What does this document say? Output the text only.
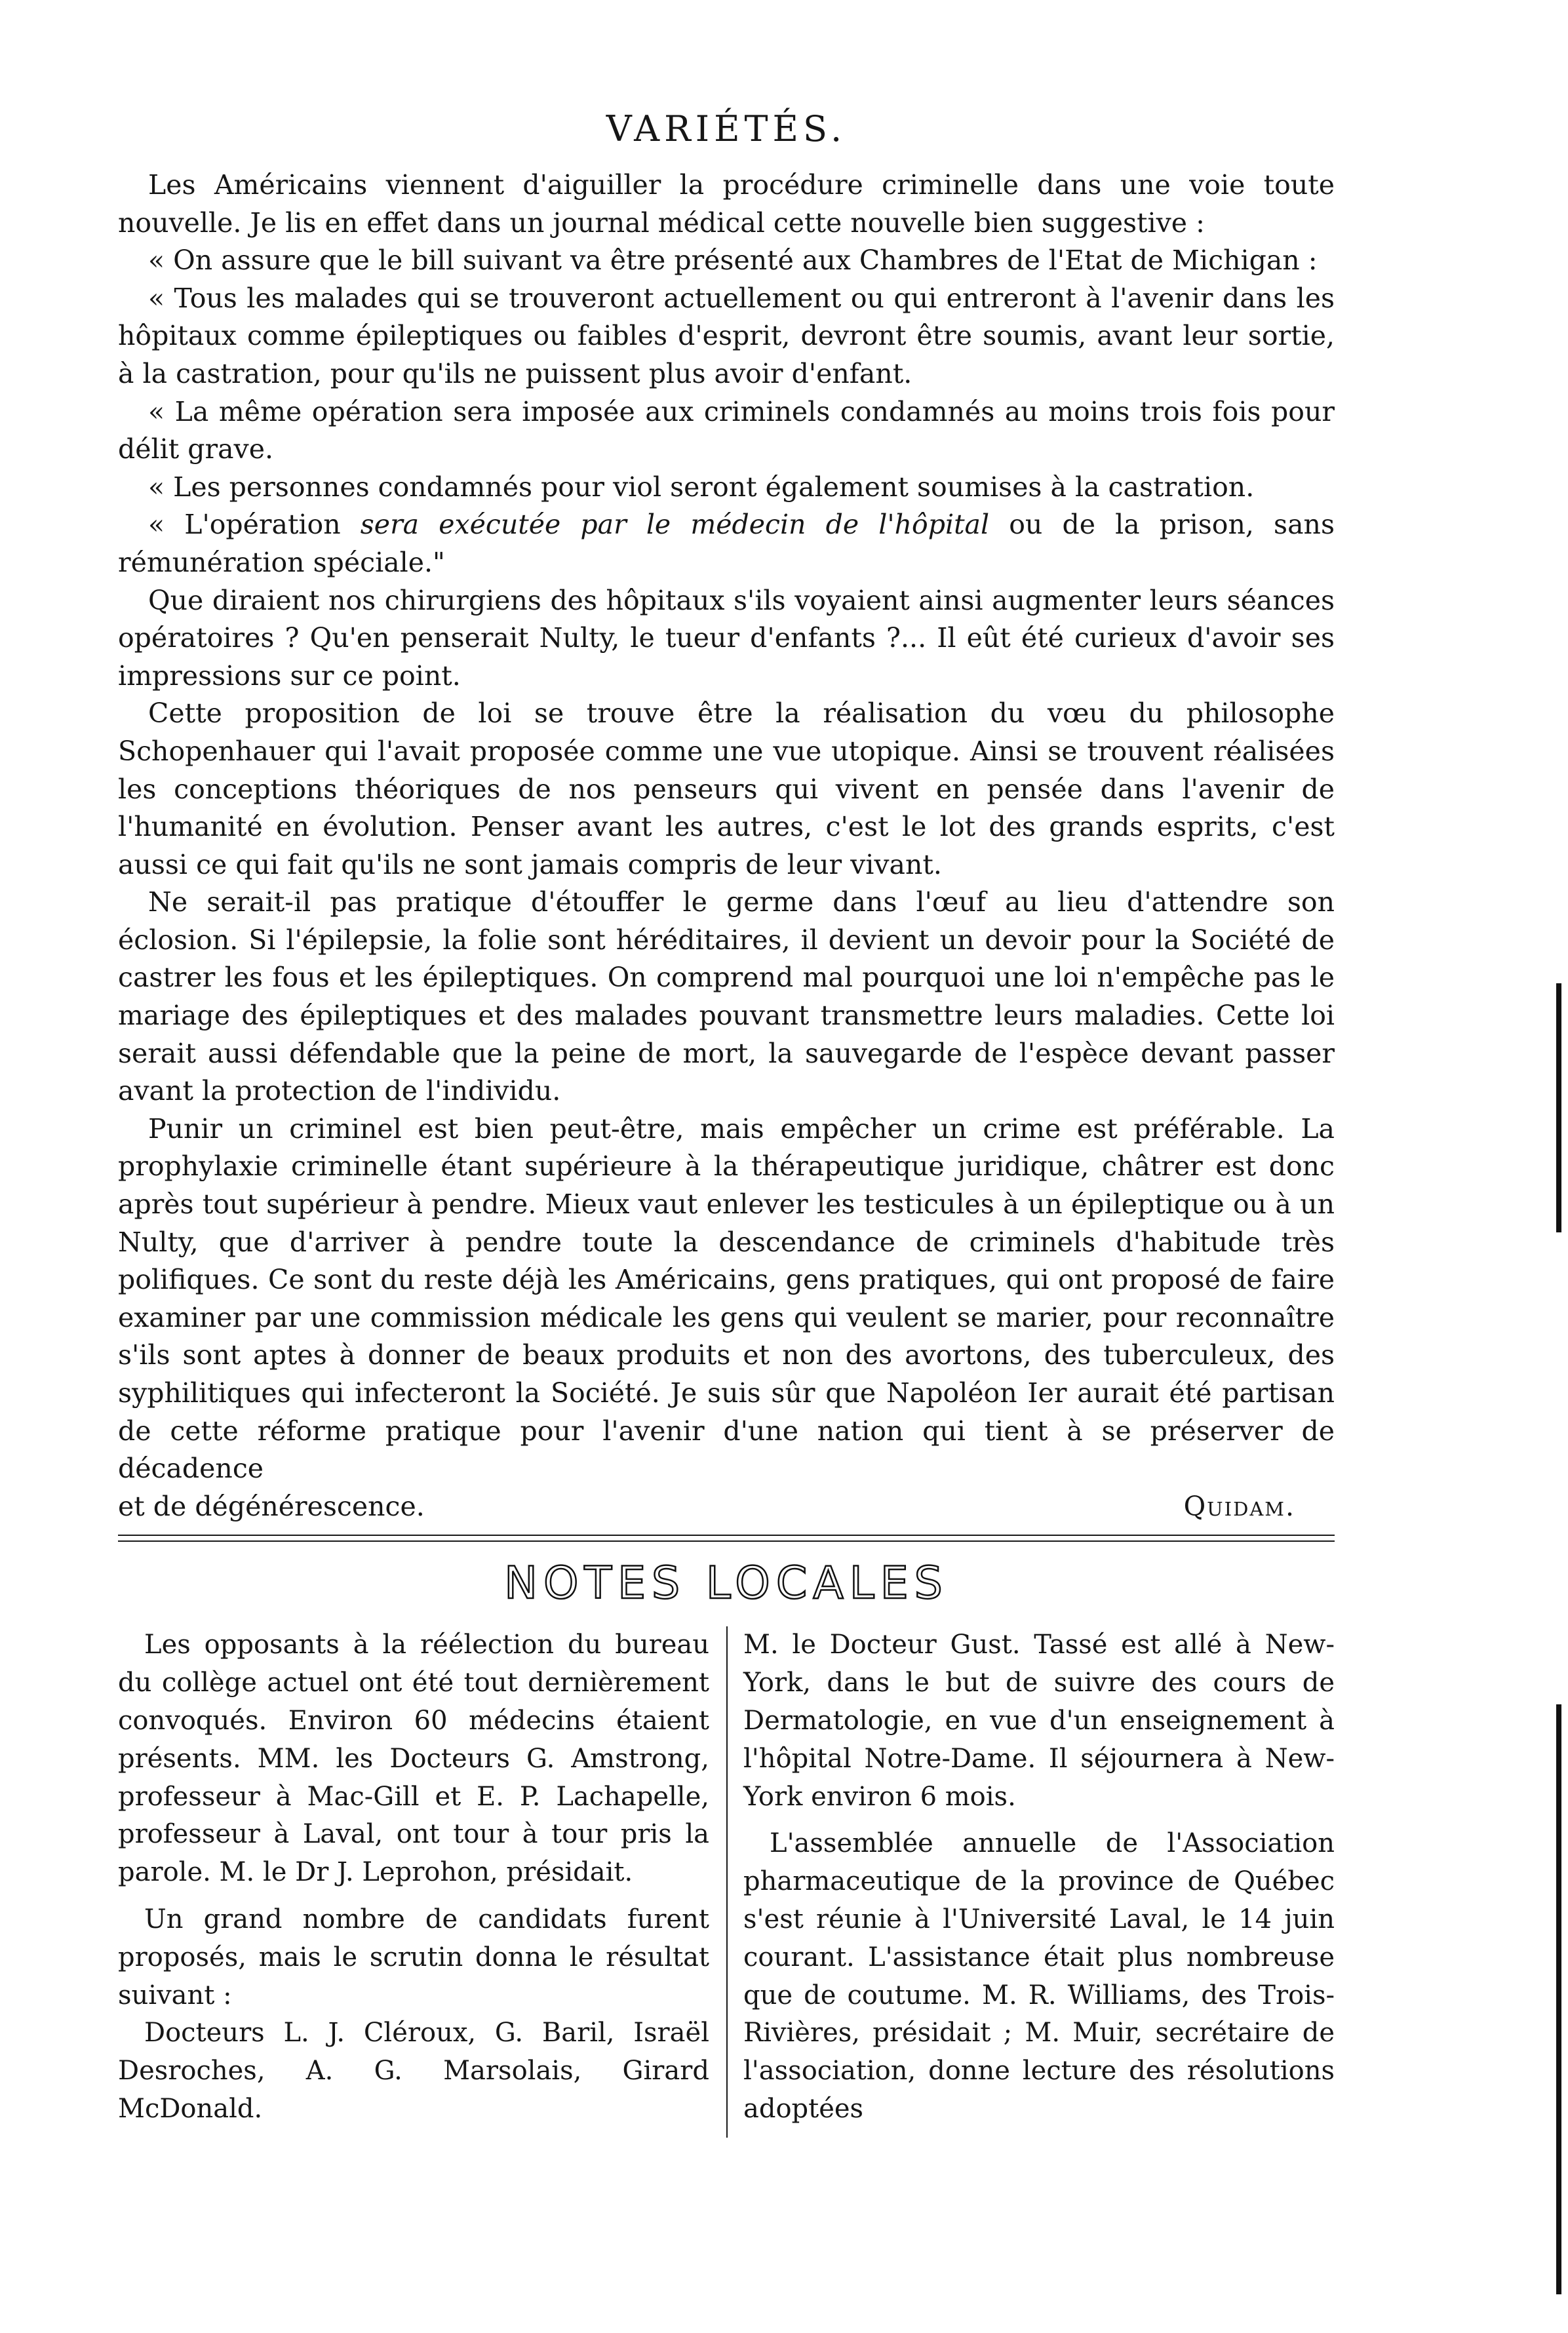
VARIÉTÉS.

Les Américains viennent d'aiguiller la procédure criminelle dans une voie toute nouvelle. Je lis en effet dans un journal médical cette nouvelle bien suggestive :

« On assure que le bill suivant va être présenté aux Chambres de l'Etat de Michigan :

« Tous les malades qui se trouveront actuellement ou qui entreront à l'avenir dans les hôpitaux comme épileptiques ou faibles d'esprit, devront être soumis, avant leur sortie, à la castration, pour qu'ils ne puissent plus avoir d'enfant.

« La même opération sera imposée aux criminels condamnés au moins trois fois pour délit grave.

« Les personnes condamnés pour viol seront également soumises à la castration.

« L'opération sera exécutée par le médecin de l'hôpital ou de la prison, sans rémunération spéciale."

Que diraient nos chirurgiens des hôpitaux s'ils voyaient ainsi augmenter leurs séances opératoires ? Qu'en penserait Nulty, le tueur d'enfants ?... Il eût été curieux d'avoir ses impressions sur ce point.

Cette proposition de loi se trouve être la réalisation du vœu du philosophe Schopenhauer qui l'avait proposée comme une vue utopique. Ainsi se trouvent réalisées les conceptions théoriques de nos penseurs qui vivent en pensée dans l'avenir de l'humanité en évolution. Penser avant les autres, c'est le lot des grands esprits, c'est aussi ce qui fait qu'ils ne sont jamais compris de leur vivant.

Ne serait-il pas pratique d'étouffer le germe dans l'œuf au lieu d'attendre son éclosion. Si l'épilepsie, la folie sont héréditaires, il devient un devoir pour la Société de castrer les fous et les épileptiques. On comprend mal pourquoi une loi n'empêche pas le mariage des épileptiques et des malades pouvant transmettre leurs maladies. Cette loi serait aussi défendable que la peine de mort, la sauvegarde de l'espèce devant passer avant la protection de l'individu.

Punir un criminel est bien peut-être, mais empêcher un crime est préférable. La prophylaxie criminelle étant supérieure à la thérapeutique juridique, châtrer est donc après tout supérieur à pendre. Mieux vaut enlever les testicules à un épileptique ou à un Nulty, que d'arriver à pendre toute la descendance de criminels d'habitude très polifiques. Ce sont du reste déjà les Américains, gens pratiques, qui ont proposé de faire examiner par une commission médicale les gens qui veulent se marier, pour reconnaître s'ils sont aptes à donner de beaux produits et non des avortons, des tuberculeux, des syphilitiques qui infecteront la Société. Je suis sûr que Napoléon Ier aurait été partisan de cette réforme pratique pour l'avenir d'une nation qui tient à se préserver de décadence

et de dégénérescence.	Quidam.
NOTES LOCALES

Les opposants à la réélection du bureau du collège actuel ont été tout dernièrement convoqués. Environ 60 médecins étaient présents. MM. les Docteurs G. Amstrong, professeur à Mac-Gill et E. P. Lachapelle, professeur à Laval, ont tour à tour pris la parole. M. le Dr J. Leprohon, présidait.

Un grand nombre de candidats furent proposés, mais le scrutin donna le résultat suivant :

Docteurs L. J. Cléroux, G. Baril, Israël Desroches, A. G. Marsolais, Girard McDonald.

M. le Docteur Gust. Tassé est allé à New-York, dans le but de suivre des cours de Dermatologie, en vue d'un enseignement à l'hôpital Notre-Dame. Il séjournera à New-York environ 6 mois.

L'assemblée annuelle de l'Association pharmaceutique de la province de Québec s'est réunie à l'Université Laval, le 14 juin courant. L'assistance était plus nombreuse que de coutume. M. R. Williams, des Trois-Rivières, présidait ; M. Muir, secrétaire de l'association, donne lecture des résolutions adoptées
